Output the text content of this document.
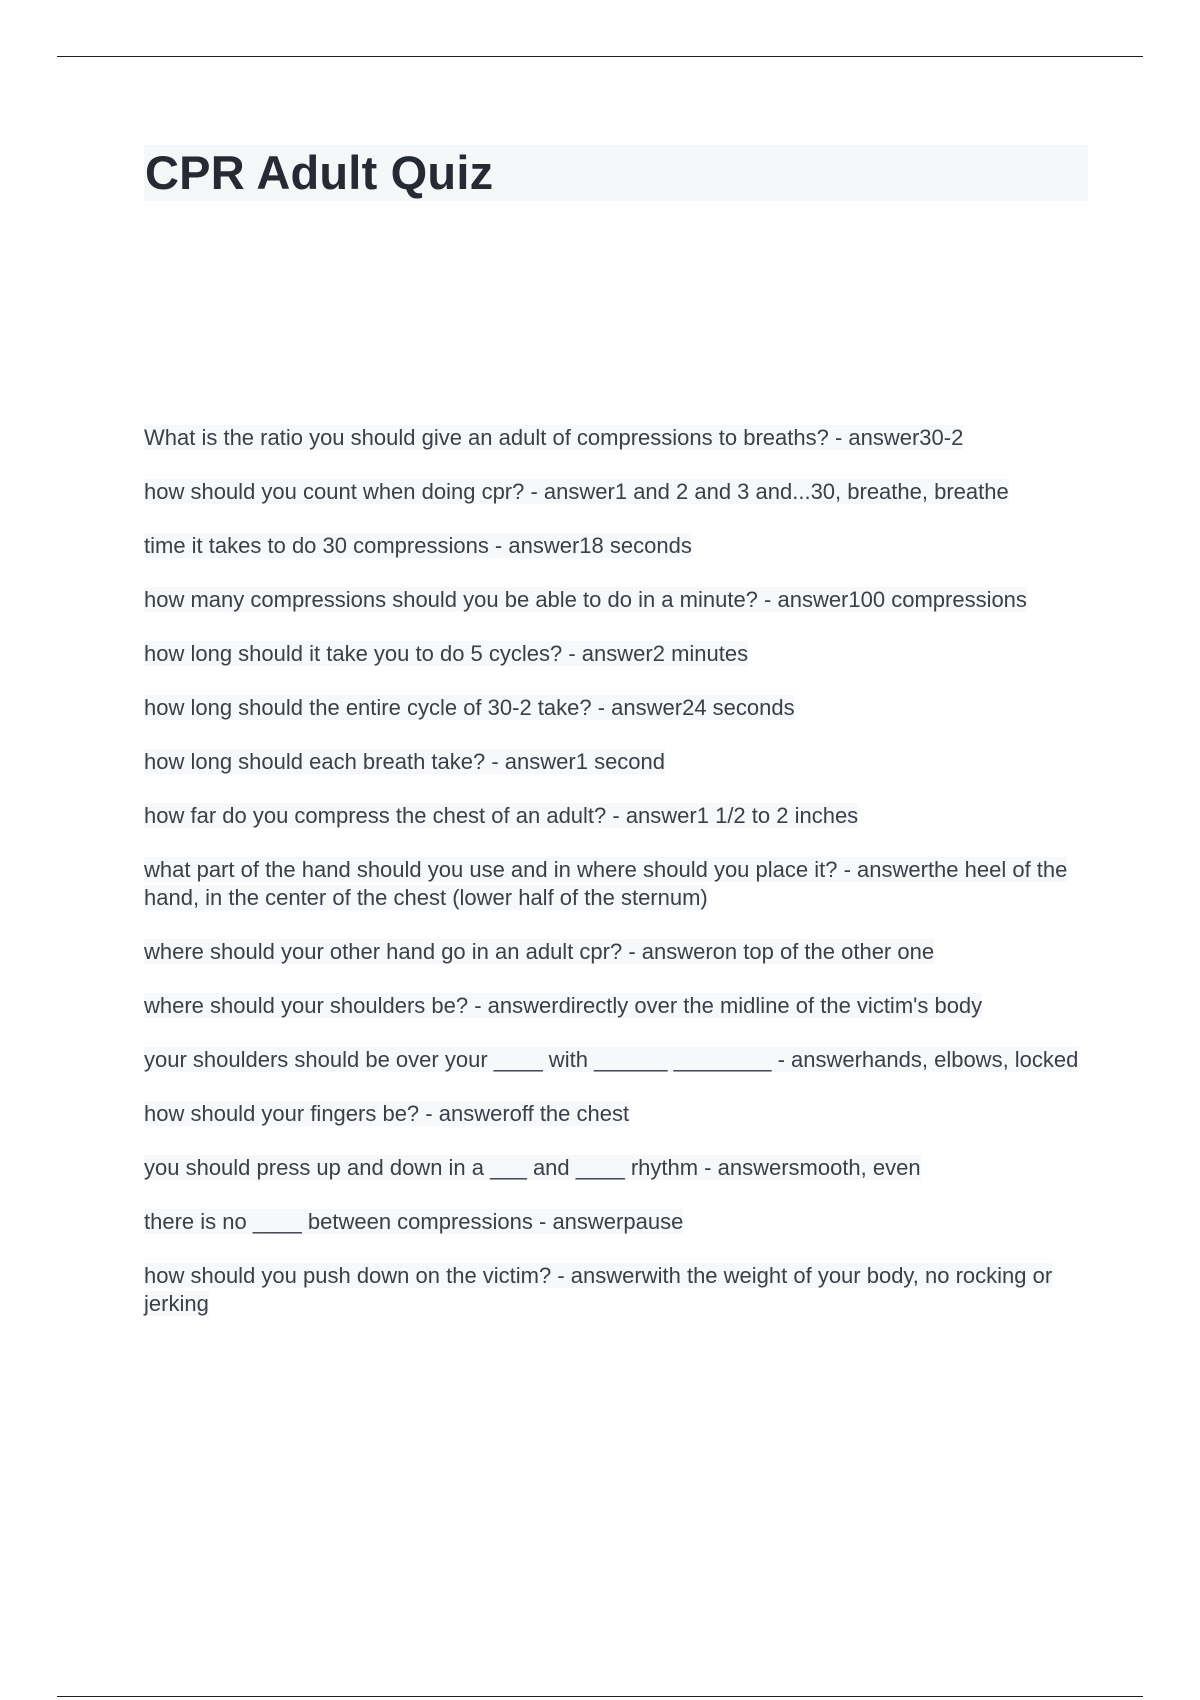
CPR Adult Quiz
What is the ratio you should give an adult of compressions to breaths? - answer30-2
how should you count when doing cpr? - answer1 and 2 and 3 and...30, breathe, breathe
time it takes to do 30 compressions - answer18 seconds
how many compressions should you be able to do in a minute? - answer100 compressions
how long should it take you to do 5 cycles? - answer2 minutes
how long should the entire cycle of 30-2 take? - answer24 seconds
how long should each breath take? - answer1 second
how far do you compress the chest of an adult? - answer1 1/2 to 2 inches
what part of the hand should you use and in where should you place it? - answerthe heel of the hand, in the center of the chest (lower half of the sternum)
where should your other hand go in an adult cpr? - answeron top of the other one
where should your shoulders be? - answerdirectly over the midline of the victim's body
your shoulders should be over your ____ with ______ ________ - answerhands, elbows, locked
how should your fingers be? - answeroff the chest
you should press up and down in a ___ and ____ rhythm - answersmooth, even
there is no ____ between compressions - answerpause
how should you push down on the victim? - answerwith the weight of your body, no rocking or jerking
